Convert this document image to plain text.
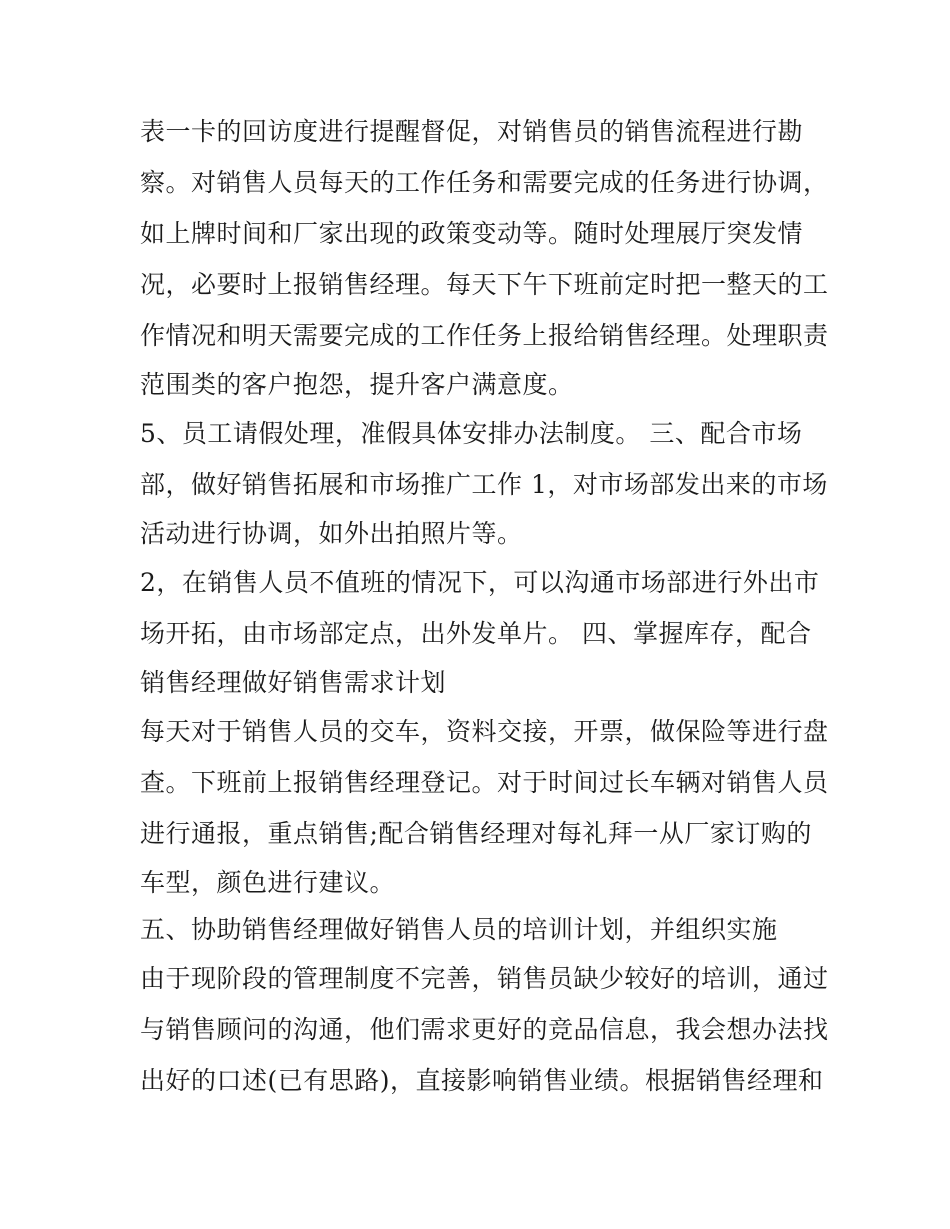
表一卡的回访度进行提醒督促，对销售员的销售流程进行勘
察。对销售人员每天的工作任务和需要完成的任务进行协调，
如上牌时间和厂家出现的政策变动等。随时处理展厅突发情
况，必要时上报销售经理。每天下午下班前定时把一整天的工
作情况和明天需要完成的工作任务上报给销售经理。处理职责
范围类的客户抱怨，提升客户满意度。
5、员工请假处理，准假具体安排办法制度。 三、配合市场
部，做好销售拓展和市场推广工作 1，对市场部发出来的市场
活动进行协调，如外出拍照片等。
2，在销售人员不值班的情况下，可以沟通市场部进行外出市
场开拓，由市场部定点，出外发单片。 四、掌握库存，配合
销售经理做好销售需求计划
每天对于销售人员的交车，资料交接，开票，做保险等进行盘
查。下班前上报销售经理登记。对于时间过长车辆对销售人员
进行通报，重点销售;配合销售经理对每礼拜一从厂家订购的
车型，颜色进行建议。
五、协助销售经理做好销售人员的培训计划，并组织实施
由于现阶段的管理制度不完善，销售员缺少较好的培训，通过
与销售顾问的沟通，他们需求更好的竞品信息，我会想办法找
出好的口述(已有思路)，直接影响销售业绩。根据销售经理和
